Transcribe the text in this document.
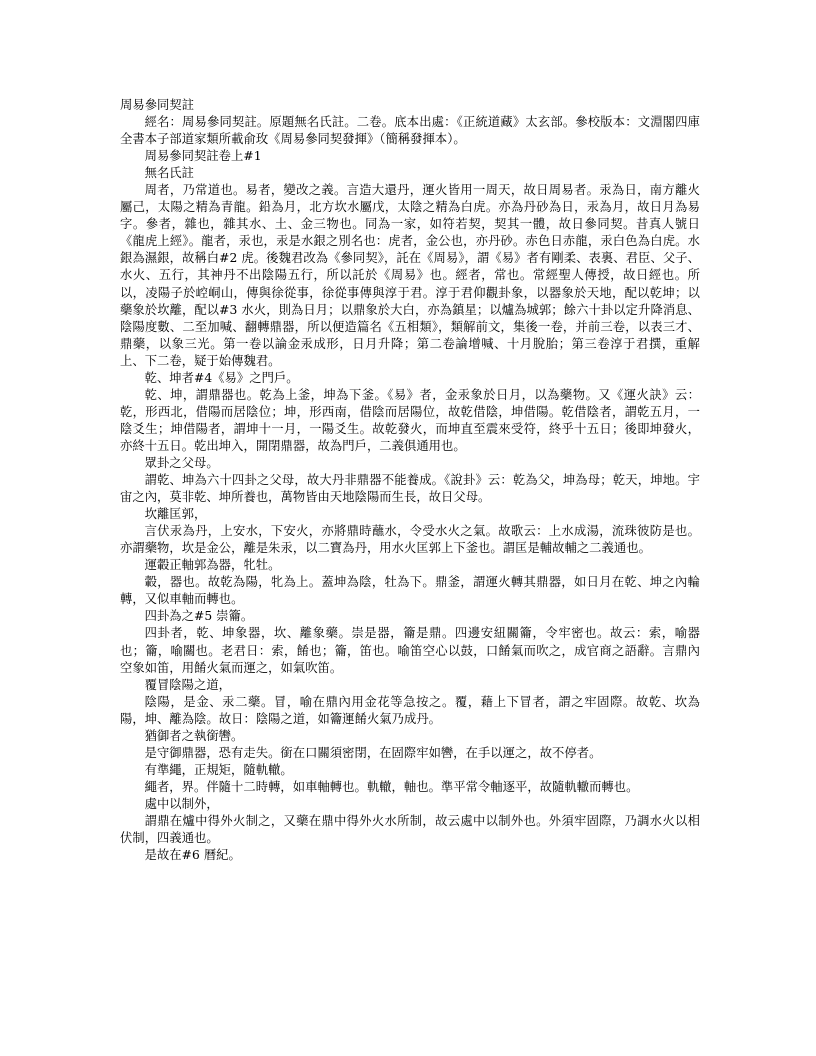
周易參同契註

經名：周易參同契註。原題無名氏註。二卷。底本出處：《正統道藏》太玄部。參校版本：文淵閣四庫全書本子部道家類所載俞玫《周易參同契發揮》（簡稱發揮本）。

周易參同契註卷上#1

無名氏註

周者，乃常道也。易者，變改之義。言造大還丹，運火皆用一周天，故日周易者。汞為日，南方離火屬己，太陽之精為青龍。鉛為月，北方坎水屬戊，太陰之精為白虎。亦為丹砂為日，汞為月，故日月為易字。參者，雜也，雜其水、土、金三物也。同為一家，如符若契，契其一體，故日參同契。昔真人號日《龍虎上經》。龍者，汞也，汞是水銀之別名也：虎者，金公也，亦丹砂。赤色日赤龍，汞白色為白虎。水銀為濕銀，故稱白#2 虎。後魏君改為《參同契》，託在《周易》，謂《易》者有剛柔、表裏、君臣、父子、水火、五行，其神丹不出陰陽五行，所以託於《周易》也。經者，常也。常經聖人傳授，故日經也。所以，凌陽子於崆峒山，傳與徐從事，徐從事傳與淳于君。淳于君仰觀卦象，以器象於天地，配以乾坤；以藥象於坎離，配以#3 水火，則為日月；以鼎象於大白，亦為鎮星；以爐為城郭；餘六十卦以定升降消息、陰陽度數、二至加喊、翻轉鼎器，所以便造篇名《五相類》，類解前文，集後一卷，并前三卷，以表三才、鼎藥，以象三光。第一卷以論金汞成形，日月升降；第二卷論增喊、十月脫胎；第三卷淳于君撰，重解上、下二卷，疑于始傳魏君。

乾、坤者#4《易》之門戶。

乾、坤，謂鼎器也。乾為上釜，坤為下釜。《易》者，金汞象於日月，以為藥物。又《運火訣》云：乾，形西北，借陽而居陰位；坤，形西南，借陰而居陽位，故乾借陰，坤借陽。乾借陰者，謂乾五月，一陰爻生；坤借陽者，謂坤十一月，一陽爻生。故乾發火，而坤直至震來受符，終乎十五日；後即坤發火，亦終十五日。乾出坤入，開閉鼎器，故為門戶，二義俱通用也。

眾卦之父母。

謂乾、坤為六十四卦之父母，故大丹非鼎器不能養成。《說卦》云：乾為父，坤為母；乾天，坤地。宇宙之內，莫非乾、坤所養也，萬物皆由天地陰陽而生長，故日父母。

坎離匡郭，

言伏汞為丹，上安水，下安火，亦將鼎時蘸水，令受水火之氣。故歌云：上水成湯，流珠彼防是也。亦謂藥物，坎是金公，離是朱汞，以二寶為丹，用水火匡郭上下釜也。謂匡是輔故輔之二義通也。

運轂正軸郭為器，牝牡。

轂，器也。故乾為陽，牝為上。蓋坤為陰，牡為下。鼎釜，謂運火轉其鼎器，如日月在乾、坤之內輪轉，又似車軸而轉也。

四卦為之#5 崇籥。

四卦者，乾、坤象器，坎、離象藥。崇是器，籥是鼎。四邊安紐關籥，令牢密也。故云：索，喻器也；籥，喻關也。老君日：索，餚也；籥，笛也。喻笛空心以鼓，口餚氣而吹之，成官商之語辭。言鼎內空象如笛，用餚火氣而運之，如氣吹笛。

覆冒陰陽之道，

陰陽，是金、汞二藥。冒，喻在鼎內用金花等急按之。覆，藉上下冒者，謂之牢固際。故乾、坎為陽，坤、離為陰。故日：陰陽之道，如籥運餚火氣乃成丹。

猶御者之執銜轡。

是守御鼎器，恐有走失。銜在口關須密閉，在固際牢如轡，在手以運之，故不停者。

有準繩，正規矩，隨軌轍。

繩者，界。伴隨十二時轉，如車軸轉也。軌轍，軸也。準平常令軸逐平，故隨軌轍而轉也。

處中以制外，

謂鼎在爐中得外火制之，又藥在鼎中得外火水所制，故云處中以制外也。外須牢固際，乃調水火以相伏制，四義通也。

是故在#6 曆紀。
